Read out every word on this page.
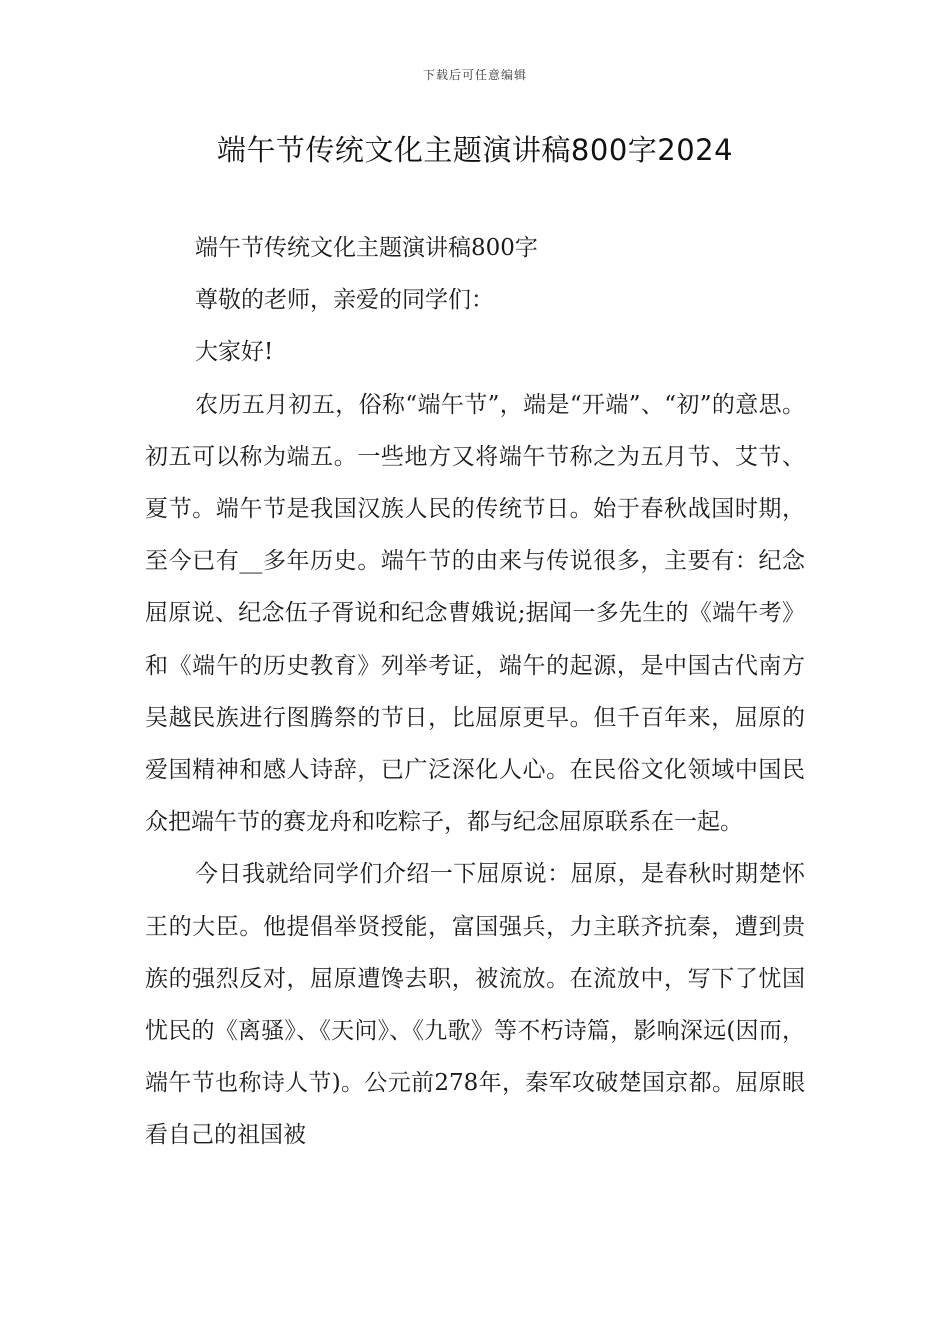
下载后可任意编辑
端午节传统文化主题演讲稿800字2024

端午节传统文化主题演讲稿800字

尊敬的老师，亲爱的同学们：

大家好!

农历五月初五，俗称“端午节”，端是“开端”、“初”的意思。初五可以称为端五。一些地方又将端午节称之为五月节、艾节、夏节。端午节是我国汉族人民的传统节日。始于春秋战国时期，至今已有__多年历史。端午节的由来与传说很多，主要有：纪念屈原说、纪念伍子胥说和纪念曹娥说;据闻一多先生的《端午考》和《端午的历史教育》列举考证，端午的起源，是中国古代南方吴越民族进行图腾祭的节日，比屈原更早。但千百年来，屈原的爱国精神和感人诗辞，已广泛深化人心。在民俗文化领域中国民众把端午节的赛龙舟和吃粽子，都与纪念屈原联系在一起。

今日我就给同学们介绍一下屈原说：屈原，是春秋时期楚怀王的大臣。他提倡举贤授能，富国强兵，力主联齐抗秦，遭到贵族的强烈反对，屈原遭馋去职，被流放。在流放中，写下了忧国忧民的《离骚》、《天问》、《九歌》等不朽诗篇，影响深远(因而，端午节也称诗人节)。公元前278年，秦军攻破楚国京都。屈原眼看自己的祖国被
